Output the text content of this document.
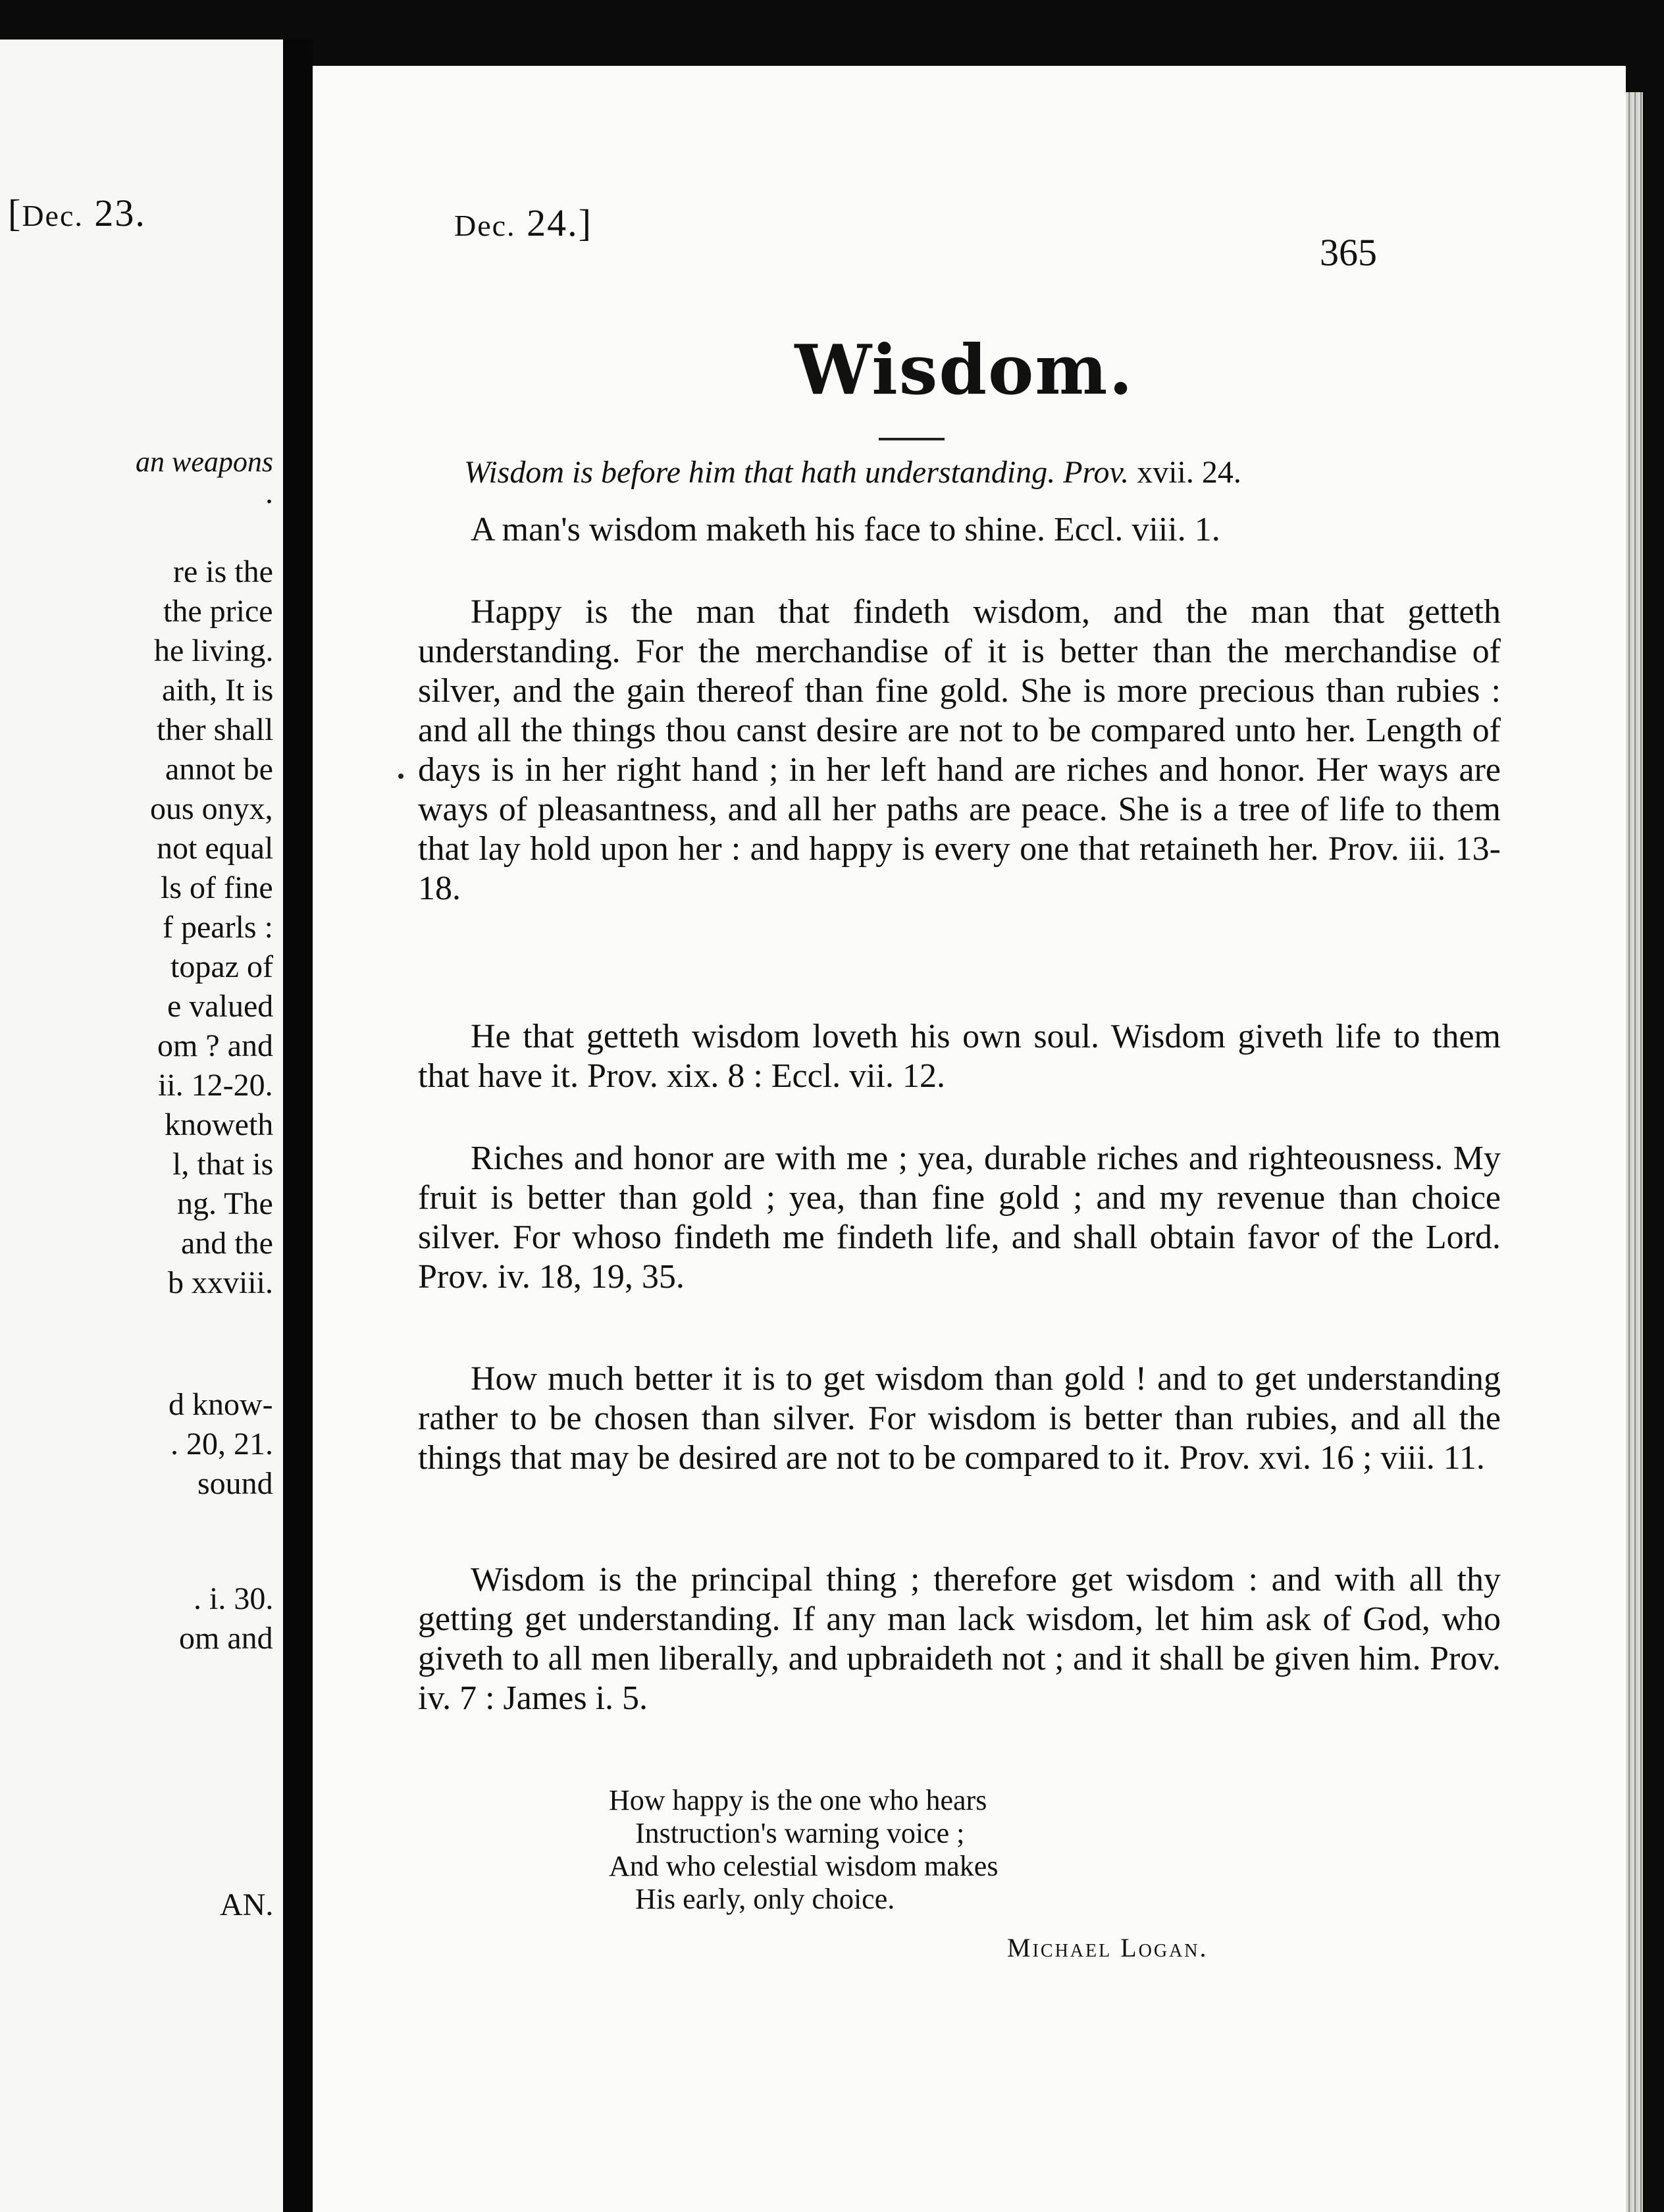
[Dec. 23.
an weapons
.
re is the
the price
he living.
aith, It is
ther shall
annot be
ous onyx,
not equal
ls of fine
f pearls :
topaz of
e valued
om ? and
ii. 12-20.
knoweth
l, that is
ng. The
and the
b xxviii.
d know-
. 20, 21.
sound
. i. 30.
om and
AN.
Dec. 24.]
365
Wisdom.
Wisdom is before him that hath understanding. Prov. xvii. 24.

A man's wisdom maketh his face to shine. Eccl. viii. 1.

Happy is the man that findeth wisdom, and the man that getteth understanding. For the merchandise of it is better than the merchandise of silver, and the gain thereof than fine gold. She is more precious than rubies : and all the things thou canst desire are not to be compared unto her. Length of days is in her right hand ; in her left hand are riches and honor. Her ways are ways of pleasantness, and all her paths are peace. She is a tree of life to them that lay hold upon her : and happy is every one that retaineth her. Prov. iii. 13-18.

He that getteth wisdom loveth his own soul. Wisdom giveth life to them that have it. Prov. xix. 8 : Eccl. vii. 12.

Riches and honor are with me ; yea, durable riches and righteousness. My fruit is better than gold ; yea, than fine gold ; and my revenue than choice silver. For whoso findeth me findeth life, and shall obtain favor of the Lord. Prov. iv. 18, 19, 35.

How much better it is to get wisdom than gold ! and to get understanding rather to be chosen than silver. For wisdom is better than rubies, and all the things that may be desired are not to be compared to it. Prov. xvi. 16 ; viii. 11.

Wisdom is the principal thing ; therefore get wisdom : and with all thy getting get understanding. If any man lack wisdom, let him ask of God, who giveth to all men liberally, and upbraideth not ; and it shall be given him. Prov. iv. 7 : James i. 5.

How happy is the one who hears
Instruction's warning voice ;
And who celestial wisdom makes
His early, only choice.
Michael Logan.
